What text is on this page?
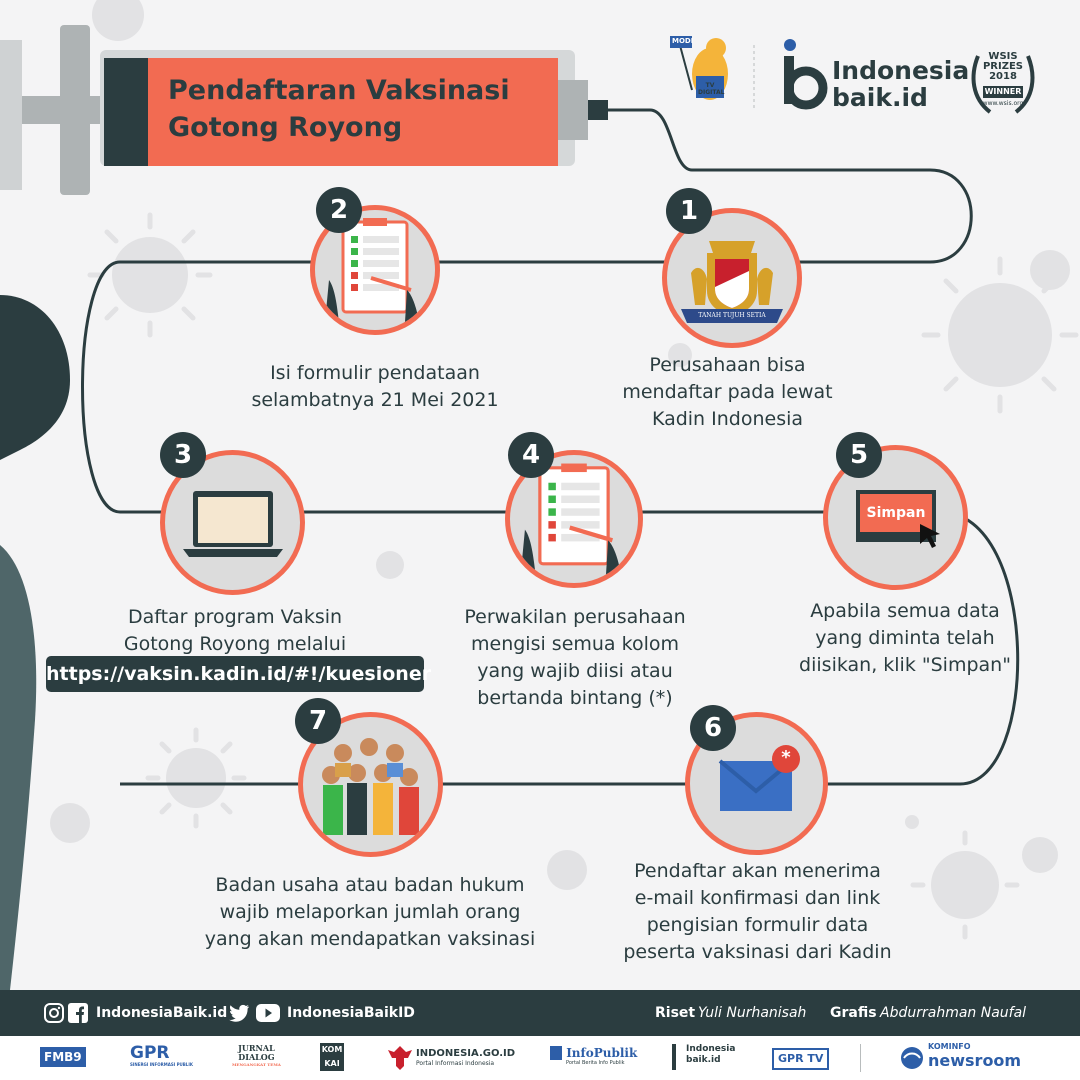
Pendaftaran Vaksinasi
Gotong Royong
MODI
TV DIGITAL
Indonesia
baik.id
WSIS
PRIZES
2018
WINNER
www.wsis.org
TANAH TUJUH SETIA
1
Perusahaan bisa
mendaftar pada lewat
Kadin Indonesia
2
Isi formulir pendataan
selambatnya 21 Mei 2021
3
Daftar program Vaksin
Gotong Royong melalui
https://vaksin.kadin.id/#!/kuesioner
4
Perwakilan perusahaan
mengisi semua kolom
yang wajib diisi atau
bertanda bintang (*)
Simpan
5
Apabila semua data
yang diminta telah
diisikan, klik "Simpan"
*
6
Pendaftar akan menerima
e-mail konfirmasi dan link
pengisian formulir data
peserta vaksinasi dari Kadin
7
Badan usaha atau badan hukum
wajib melaporkan jumlah orang
yang akan mendapatkan vaksinasi
IndonesiaBaik.id	IndonesiaBaikID	Riset Yuli Nurhanisah Grafis Abdurrahman Naufal
FMB9	GPR
SINERGI INFORMASI PUBLIK
JURNAL
DIALOG
MENGANGKAT TEMA
KOM KAI
INDONESIA.GO.ID
Portal Informasi Indonesia
InfoPublik
Portal Berita Info Publik
Indonesia
baik.id	GPR TV
KOMINFO
newsroom
